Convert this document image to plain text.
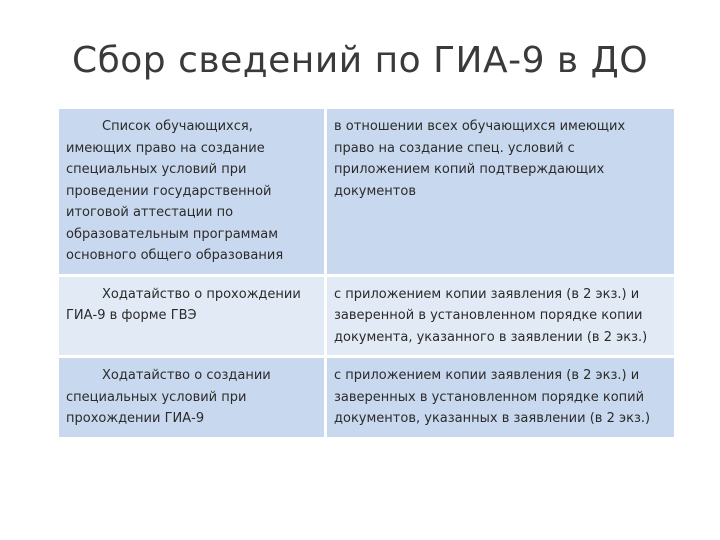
Сбор сведений по ГИА-9 в ДО
Список обучающихся, имеющих право на создание специальных условий при проведении государственной итоговой аттестации по образовательным программам основного общего образования	в отношении всех обучающихся имеющих право на создание спец. условий с приложением копий подтверждающих документов
Ходатайство о прохождении ГИА-9 в форме ГВЭ	с приложением копии заявления (в 2 экз.) и заверенной в установленном порядке копии документа, указанного в заявлении (в 2 экз.)
Ходатайство о создании специальных условий при прохождении ГИА-9	с приложением копии заявления (в 2 экз.) и заверенных в установленном порядке копий документов, указанных в заявлении (в 2 экз.)
